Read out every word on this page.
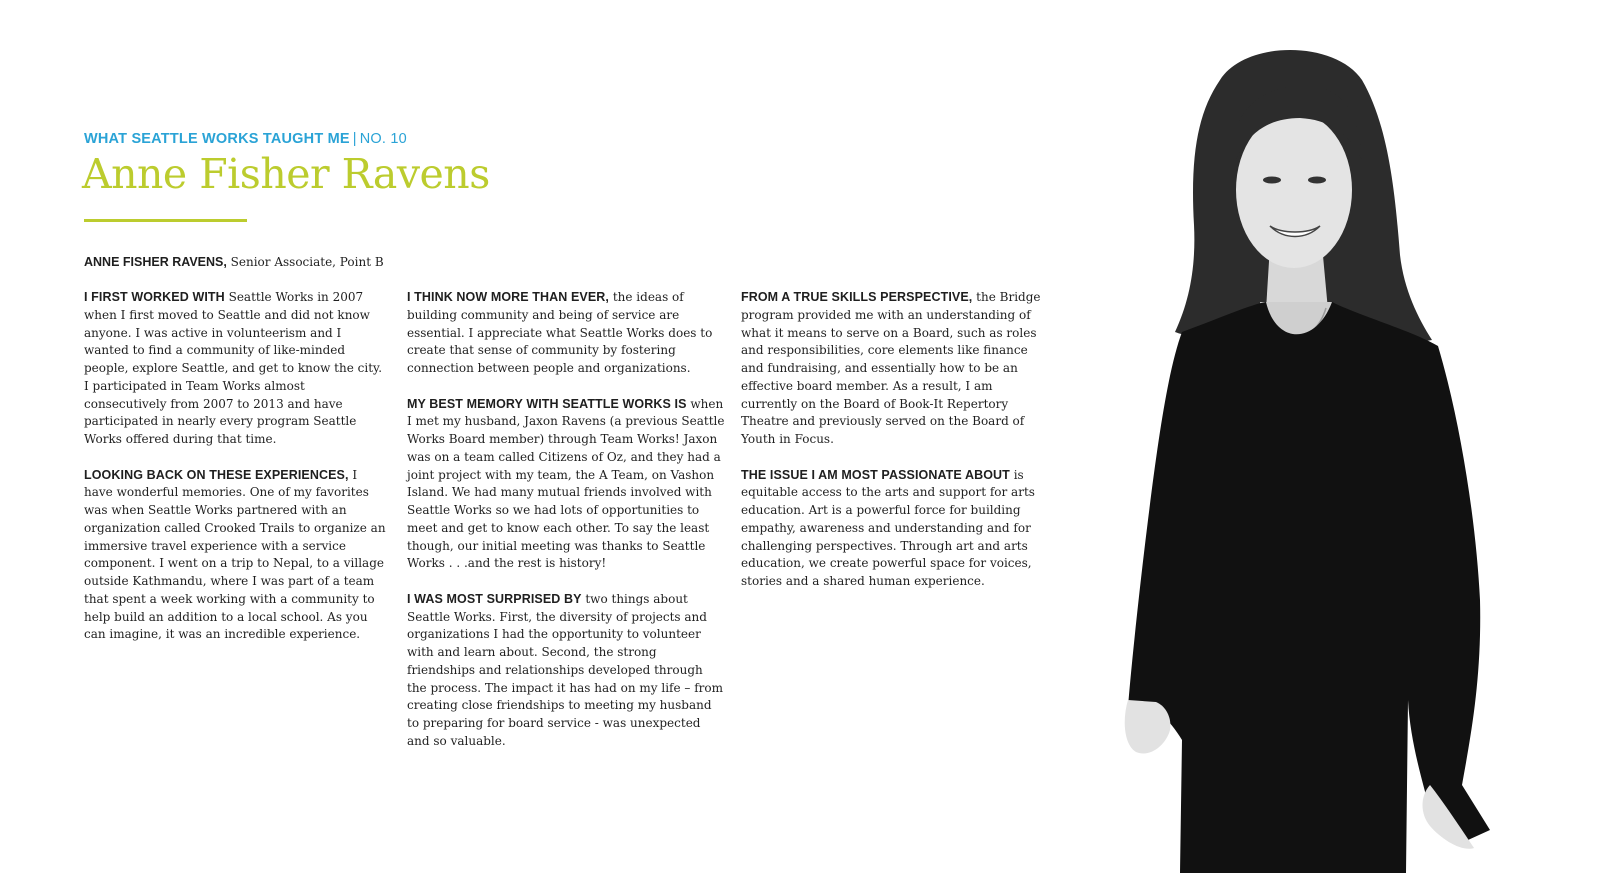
WHAT SEATTLE WORKS TAUGHT ME | NO. 10
Anne Fisher Ravens
ANNE FISHER RAVENS, Senior Associate, Point B

I FIRST WORKED WITH Seattle Works in 2007 when I first moved to Seattle and did not know anyone. I was active in volunteerism and I wanted to find a community of like-minded people, explore Seattle, and get to know the city. I participated in Team Works almost consecutively from 2007 to 2013 and have participated in nearly every program Seattle Works offered during that time.

LOOKING BACK ON THESE EXPERIENCES, I have wonderful memories. One of my favorites was when Seattle Works partnered with an organization called Crooked Trails to organize an immersive travel experience with a service component. I went on a trip to Nepal, to a village outside Kathmandu, where I was part of a team that spent a week working with a community to help build an addition to a local school. As you can imagine, it was an incredible experience.

I THINK NOW MORE THAN EVER, the ideas of building community and being of service are essential. I appreciate what Seattle Works does to create that sense of community by fostering connection between people and organizations.

MY BEST MEMORY WITH SEATTLE WORKS IS when I met my husband, Jaxon Ravens (a previous Seattle Works Board member) through Team Works! Jaxon was on a team called Citizens of Oz, and they had a joint project with my team, the A Team, on Vashon Island. We had many mutual friends involved with Seattle Works so we had lots of opportunities to meet and get to know each other. To say the least though, our initial meeting was thanks to Seattle Works . . .and the rest is history!

I WAS MOST SURPRISED BY two things about Seattle Works. First, the diversity of projects and organizations I had the opportunity to volunteer with and learn about. Second, the strong friendships and relationships developed through the process. The impact it has had on my life – from creating close friendships to meeting my husband to preparing for board service - was unexpected and so valuable.

FROM A TRUE SKILLS PERSPECTIVE, the Bridge program provided me with an understanding of what it means to serve on a Board, such as roles and responsibilities, core elements like finance and fundraising, and essentially how to be an effective board member. As a result, I am currently on the Board of Book-It Repertory Theatre and previously served on the Board of Youth in Focus.

THE ISSUE I AM MOST PASSIONATE ABOUT is equitable access to the arts and support for arts education. Art is a powerful force for building empathy, awareness and understanding and for challenging perspectives. Through art and arts education, we create powerful space for voices, stories and a shared human experience.
